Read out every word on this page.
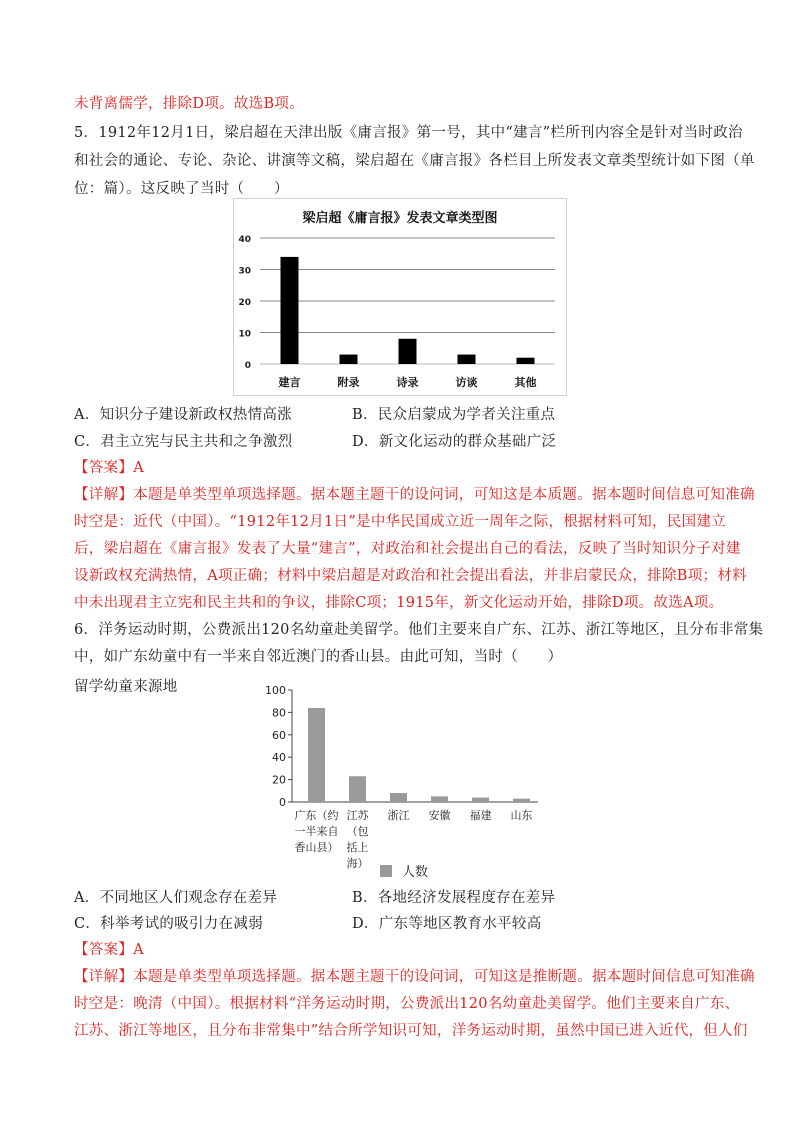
未背离儒学，排除D项。故选B项。
5．1912年12月1日，梁启超在天津出版《庸言报》第一号，其中“建言”栏所刊内容全是针对当时政治
和社会的通论、专论、杂论、讲演等文稿，梁启超在《庸言报》各栏目上所发表文章类型统计如下图（单
位：篇）。这反映了当时（　　）
梁启超《庸言报》发表文章类型图
0
10
20
30
40
建言	附录	诗录	访谈	其他
A．知识分子建设新政权热情高涨	B．民众启蒙成为学者关注重点
C．君主立宪与民主共和之争激烈	D．新文化运动的群众基础广泛
【答案】A
【详解】本题是单类型单项选择题。据本题主题干的设问词，可知这是本质题。据本题时间信息可知准确
时空是：近代（中国）。“1912年12月1日”是中华民国成立近一周年之际，根据材料可知，民国建立
后，梁启超在《庸言报》发表了大量“建言”，对政治和社会提出自己的看法，反映了当时知识分子对建
设新政权充满热情，A项正确；材料中梁启超是对政治和社会提出看法，并非启蒙民众，排除B项；材料
中未出现君主立宪和民主共和的争议，排除C项；1915年，新文化运动开始，排除D项。故选A项。
6．洋务运动时期，公费派出120名幼童赴美留学。他们主要来自广东、江苏、浙江等地区，且分布非常集
中，如广东幼童中有一半来自邻近澳门的香山县。由此可知，当时（　　）
留学幼童来源地
0
20
40
60
80
100
广东（约一半来自香山县）
江苏（包括上海）
浙江 安徽 福建 山东
人数
A．不同地区人们观念存在差异	B．各地经济发展程度存在差异
C．科举考试的吸引力在减弱	D．广东等地区教育水平较高
【答案】A
【详解】本题是单类型单项选择题。据本题主题干的设问词，可知这是推断题。据本题时间信息可知准确
时空是：晚清（中国）。根据材料“洋务运动时期，公费派出120名幼童赴美留学。他们主要来自广东、
江苏、浙江等地区，且分布非常集中”结合所学知识可知，洋务运动时期，虽然中国已进入近代，但人们
